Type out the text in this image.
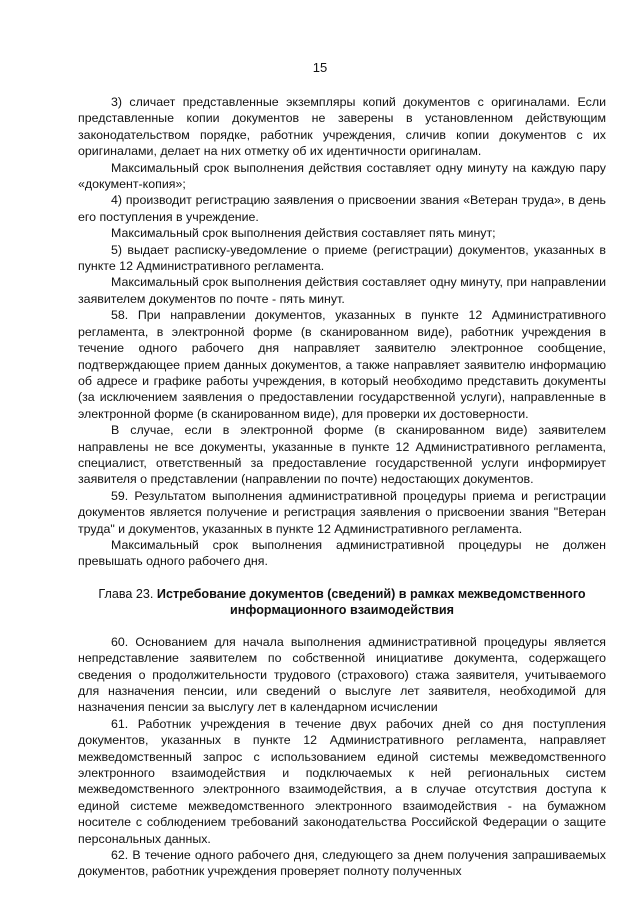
15

3) сличает представленные экземпляры копий документов с оригиналами. Если представленные копии документов не заверены в установленном действующим законодательством порядке, работник учреждения, сличив копии документов с их оригиналами, делает на них отметку об их идентичности оригиналам.

Максимальный срок выполнения действия составляет одну минуту на каждую пару «документ-копия»;

4) производит регистрацию заявления о присвоении звания «Ветеран труда», в день его поступления в учреждение.

Максимальный срок выполнения действия составляет пять минут;

5) выдает расписку-уведомление о приеме (регистрации) документов, указанных в пункте 12 Административного регламента.

Максимальный срок выполнения действия составляет одну минуту, при направлении заявителем документов по почте - пять минут.

58. При направлении документов, указанных в пункте 12 Административного регламента, в электронной форме (в сканированном виде), работник учреждения в течение одного рабочего дня направляет заявителю электронное сообщение, подтверждающее прием данных документов, а также направляет заявителю информацию об адресе и графике работы учреждения, в который необходимо представить документы (за исключением заявления о предоставлении государственной услуги), направленные в электронной форме (в сканированном виде), для проверки их достоверности.

В случае, если в электронной форме (в сканированном виде) заявителем направлены не все документы, указанные в пункте 12 Административного регламента, специалист, ответственный за предоставление государственной услуги информирует заявителя о представлении (направлении по почте) недостающих документов.

59. Результатом выполнения административной процедуры приема и регистрации документов является получение и регистрация заявления о присвоении звания "Ветеран труда" и документов, указанных в пункте 12 Административного регламента.

Максимальный срок выполнения административной процедуры не должен превышать одного рабочего дня.

Глава 23. Истребование документов (сведений) в рамках межведомственного информационного взаимодействия

60. Основанием для начала выполнения административной процедуры является непредставление заявителем по собственной инициативе документа, содержащего сведения о продолжительности трудового (страхового) стажа заявителя, учитываемого для назначения пенсии, или сведений о выслуге лет заявителя, необходимой для назначения пенсии за выслугу лет в календарном исчислении

61. Работник учреждения в течение двух рабочих дней со дня поступления документов, указанных в пункте 12 Административного регламента, направляет межведомственный запрос с использованием единой системы межведомственного электронного взаимодействия и подключаемых к ней региональных систем межведомственного электронного взаимодействия, а в случае отсутствия доступа к единой системе межведомственного электронного взаимодействия - на бумажном носителе с соблюдением требований законодательства Российской Федерации о защите персональных данных.

62. В течение одного рабочего дня, следующего за днем получения запрашиваемых документов, работник учреждения проверяет полноту полученных
